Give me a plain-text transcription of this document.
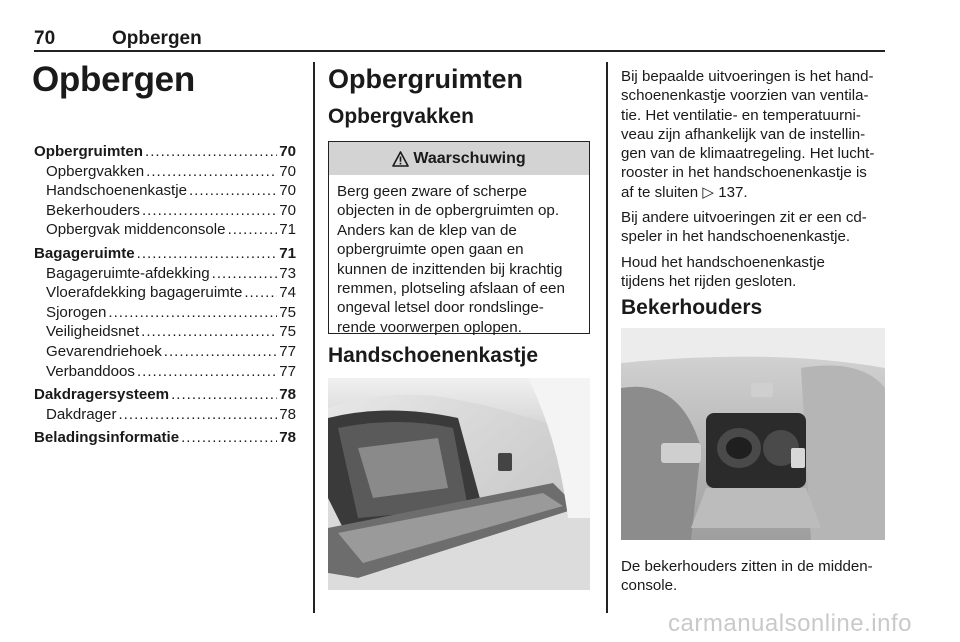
70	Opbergen
Opbergen
Opbergruimten .....	70
Opbergvakken .....	70
Handschoenenkastje .....	70
Bekerhouders .....	70
Opbergvak middenconsole .....	71
Bagageruimte .....	71
Bagageruimte-afdekking .....	73
Vloerafdekking bagageruimte ..... 74
Sjorogen .....	75
Veiligheidsnet .....	75
Gevarendriehoek .....	77
Verbanddoos .....	77
Dakdragersysteem .....	78
Dakdrager .....	78
Beladingsinformatie .....	78
Opbergruimten
Opbergvakken
Waarschuwing
Berg geen zware of scherpe
objecten in de opbergruimten op.
Anders kan de klep van de
opbergruimte open gaan en
kunnen de inzittenden bij krachtig
remmen, plotseling afslaan of een
ongeval letsel door rondslinge-
rende voorwerpen oplopen.
Handschoenenkastje

Bij bepaalde uitvoeringen is het hand-
schoenenkastje voorzien van ventila-
tie. Het ventilatie- en temperatuurni-
veau zijn afhankelijk van de instellin-
gen van de klimaatregeling. Het lucht-
rooster in het handschoenenkastje is
af te sluiten ▷ 137.

Bij andere uitvoeringen zit er een cd-
speler in het handschoenenkastje.

Houd het handschoenenkastje
tijdens het rijden gesloten.

Bekerhouders

De bekerhouders zitten in de midden-
console.

carmanualsonline.info
